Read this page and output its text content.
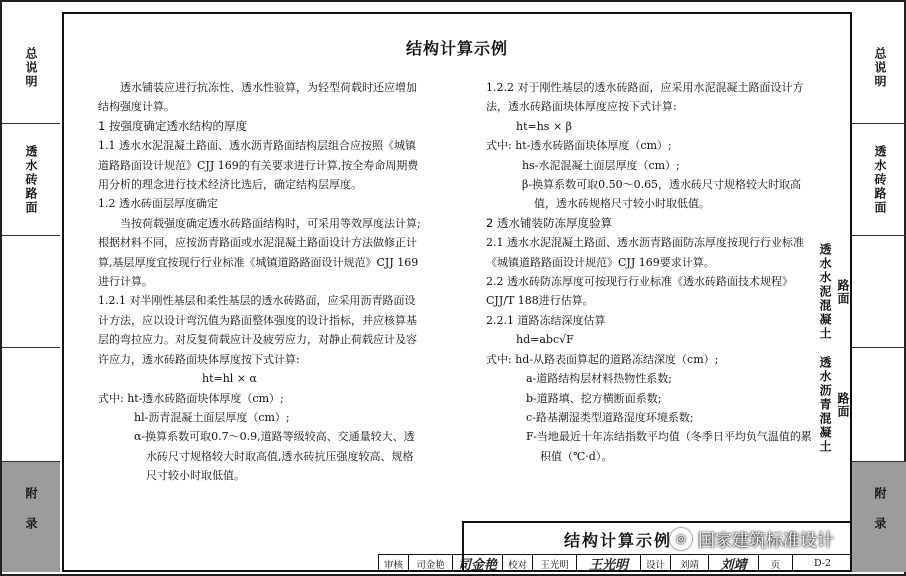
总说明
透水砖路面
附录
总说明
透水砖路面
透水水泥混凝土 路面
透水沥青混凝土 路面
附录
结构计算示例

透水铺装应进行抗冻性、透水性验算，为轻型荷载时还应增加

结构强度计算。

1 按强度确定透水结构的厚度

1.1 透水水泥混凝土路面、透水沥青路面结构层组合应按照《城镇

道路路面设计规范》CJJ 169的有关要求进行计算,按全寿命周期费

用分析的理念进行技术经济比选后，确定结构层厚度。

1.2 透水砖面层厚度确定

当按荷载强度确定透水砖路面结构时，可采用等效厚度法计算;

根据材料不同，应按沥青路面或水泥混凝土路面设计方法做修正计

算,基层厚度宜按现行行业标准《城镇道路路面设计规范》CJJ 169

进行计算。

1.2.1 对半刚性基层和柔性基层的透水砖路面，应采用沥青路面设

计方法，应以设计弯沉值为路面整体强度的设计指标，并应核算基

层的弯拉应力。对反复荷载应计及疲劳应力，对静止荷载应计及容

许应力，透水砖路面块体厚度按下式计算:

ht=hl × α

式中: ht-透水砖路面块体厚度（cm）;

hl-沥青混凝土面层厚度（cm）;

α-换算系数可取0.7～0.9,道路等级较高、交通量较大、透

水砖尺寸规格较大时取高值,透水砖抗压强度较高、规格

尺寸较小时取低值。

1.2.2 对于刚性基层的透水砖路面，应采用水泥混凝土路面设计方

法，透水砖路面块体厚度应按下式计算:

ht=hs × β

式中: ht-透水砖路面块体厚度（cm）;

hs-水泥混凝土面层厚度（cm）;

β-换算系数可取0.50～0.65，透水砖尺寸规格较大时取高

值，透水砖规格尺寸较小时取低值。

2 透水铺装防冻厚度验算

2.1 透水水泥混凝土路面、透水沥青路面防冻厚度按现行行业标准

《城镇道路路面设计规范》CJJ 169要求计算。

2.2 透水砖防冻厚度可按现行行业标准《透水砖路面技术规程》

CJJ/T 188进行估算。

2.2.1 道路冻结深度估算

hd=abc√F

式中: hd-从路表面算起的道路冻结深度（cm）;

a-道路结构层材料热物性系数;

b-道路填、挖方横断面系数;

c-路基潮湿类型道路湿度环境系数;

F-当地最近十年冻结指数平均值（冬季日平均负气温值的累

积值（℃·d）。

结构计算示例
审核	司金艳	司金艳	校对	王光明	王光明	设计	刘靖	刘靖	页	D-2
◎ 国家建筑标准设计
